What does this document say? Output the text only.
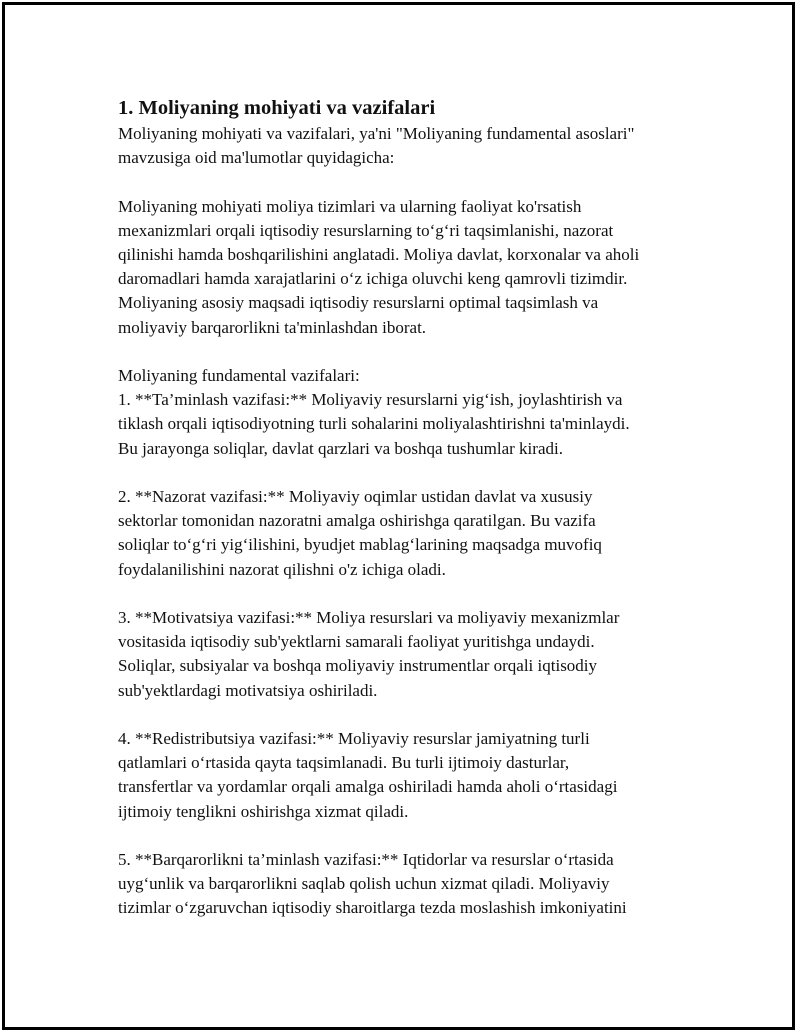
1. Moliyaning mohiyati va vazifalari

Moliyaning mohiyati va vazifalari, ya'ni "Moliyaning fundamental asoslari"
mavzusiga oid ma'lumotlar quyidagicha:

Moliyaning mohiyati moliya tizimlari va ularning faoliyat ko'rsatish
mexanizmlari orqali iqtisodiy resurslarning to‘g‘ri taqsimlanishi, nazorat
qilinishi hamda boshqarilishini anglatadi. Moliya davlat, korxonalar va aholi
daromadlari hamda xarajatlarini o‘z ichiga oluvchi keng qamrovli tizimdir.
Moliyaning asosiy maqsadi iqtisodiy resurslarni optimal taqsimlash va
moliyaviy barqarorlikni ta'minlashdan iborat.

Moliyaning fundamental vazifalari:

1. **Ta’minlash vazifasi:** Moliyaviy resurslarni yig‘ish, joylashtirish va
tiklash orqali iqtisodiyotning turli sohalarini moliyalashtirishni ta'minlaydi.
Bu jarayonga soliqlar, davlat qarzlari va boshqa tushumlar kiradi.

2. **Nazorat vazifasi:** Moliyaviy oqimlar ustidan davlat va xususiy
sektorlar tomonidan nazoratni amalga oshirishga qaratilgan. Bu vazifa
soliqlar to‘g‘ri yig‘ilishini, byudjet mablag‘larining maqsadga muvofiq
foydalanilishini nazorat qilishni o'z ichiga oladi.

3. **Motivatsiya vazifasi:** Moliya resurslari va moliyaviy mexanizmlar
vositasida iqtisodiy sub'yektlarni samarali faoliyat yuritishga undaydi.
Soliqlar, subsiyalar va boshqa moliyaviy instrumentlar orqali iqtisodiy
sub'yektlardagi motivatsiya oshiriladi.

4. **Redistributsiya vazifasi:** Moliyaviy resurslar jamiyatning turli
qatlamlari o‘rtasida qayta taqsimlanadi. Bu turli ijtimoiy dasturlar,
transfertlar va yordamlar orqali amalga oshiriladi hamda aholi o‘rtasidagi
ijtimoiy tenglikni oshirishga xizmat qiladi.

5. **Barqarorlikni ta’minlash vazifasi:** Iqtidorlar va resurslar o‘rtasida
uyg‘unlik va barqarorlikni saqlab qolish uchun xizmat qiladi. Moliyaviy
tizimlar o‘zgaruvchan iqtisodiy sharoitlarga tezda moslashish imkoniyatini
